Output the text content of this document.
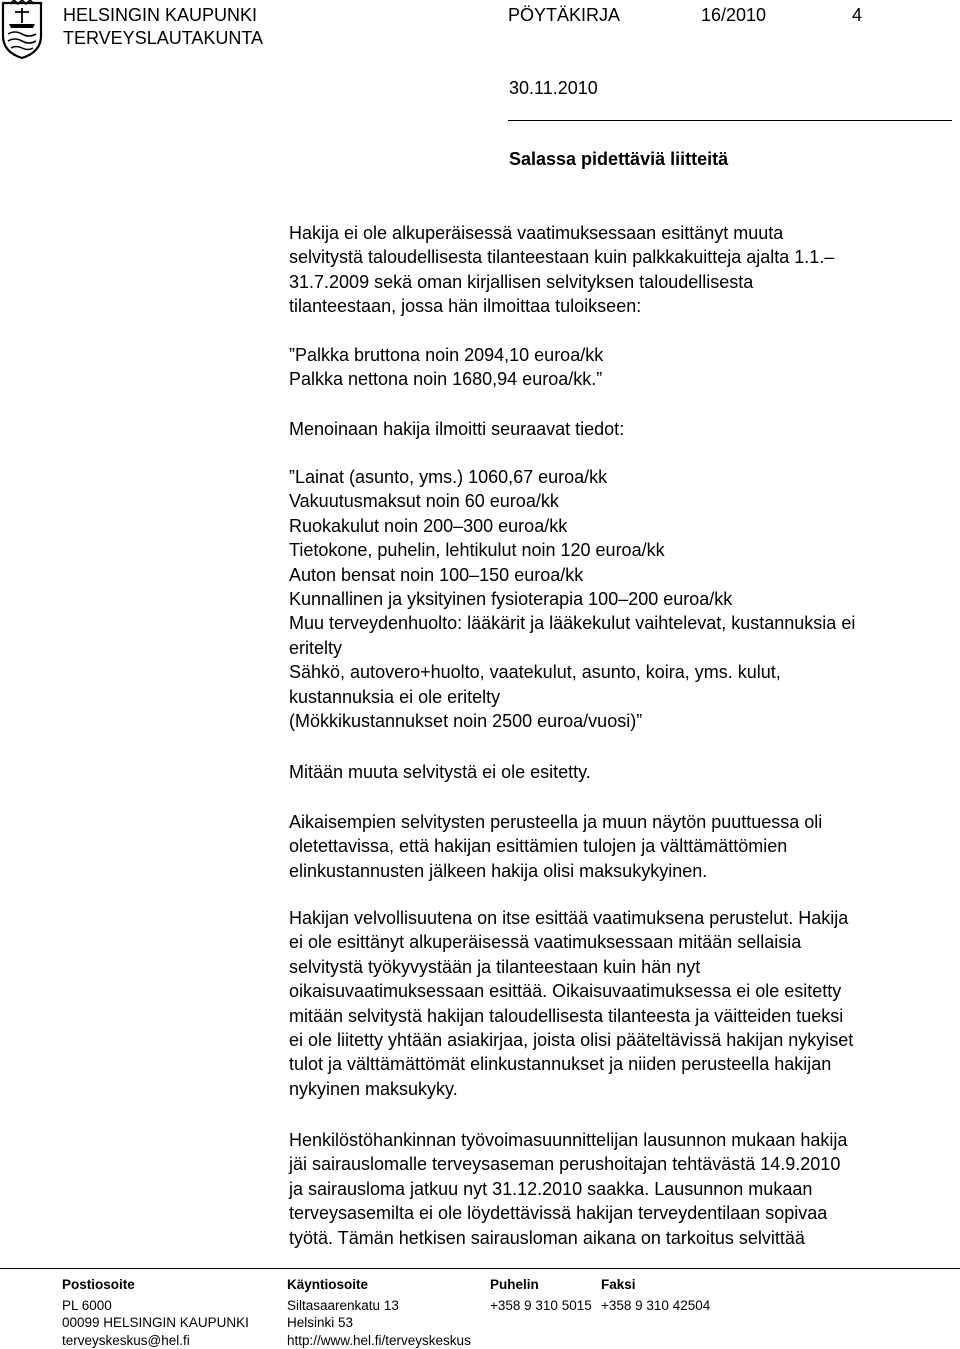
HELSINGIN KAUPUNKI
TERVEYSLAUTAKUNTA
PÖYTÄKIRJA	16/2010	4
30.11.2010
Salassa pidettäviä liitteitä

Hakija ei ole alkuperäisessä vaatimuksessaan esittänyt muuta

selvitystä taloudellisesta tilanteestaan kuin palkkakuitteja ajalta 1.1.–

31.7.2009 sekä oman kirjallisen selvityksen taloudellisesta

tilanteestaan, jossa hän ilmoittaa tuloikseen:

”Palkka bruttona noin 2094,10 euroa/kk

Palkka nettona noin 1680,94 euroa/kk.”

Menoinaan hakija ilmoitti seuraavat tiedot:

”Lainat (asunto, yms.) 1060,67 euroa/kk

Vakuutusmaksut noin 60 euroa/kk

Ruokakulut noin 200–300 euroa/kk

Tietokone, puhelin, lehtikulut noin 120 euroa/kk

Auton bensat noin 100–150 euroa/kk

Kunnallinen ja yksityinen fysioterapia 100–200 euroa/kk

Muu terveydenhuolto: lääkärit ja lääkekulut vaihtelevat, kustannuksia ei

eritelty

Sähkö, autovero+huolto, vaatekulut, asunto, koira, yms. kulut,

kustannuksia ei ole eritelty

(Mökkikustannukset noin 2500 euroa/vuosi)”

Mitään muuta selvitystä ei ole esitetty.

Aikaisempien selvitysten perusteella ja muun näytön puuttuessa oli

oletettavissa, että hakijan esittämien tulojen ja välttämättömien

elinkustannusten jälkeen hakija olisi maksukykyinen.

Hakijan velvollisuutena on itse esittää vaatimuksena perustelut. Hakija

ei ole esittänyt alkuperäisessä vaatimuksessaan mitään sellaisia

selvitystä työkyvystään ja tilanteestaan kuin hän nyt

oikaisuvaatimuksessaan esittää. Oikaisuvaatimuksessa ei ole esitetty

mitään selvitystä hakijan taloudellisesta tilanteesta ja väitteiden tueksi

ei ole liitetty yhtään asiakirjaa, joista olisi pääteltävissä hakijan nykyiset

tulot ja välttämättömät elinkustannukset ja niiden perusteella hakijan

nykyinen maksukyky.

Henkilöstöhankinnan työvoimasuunnittelijan lausunnon mukaan hakija

jäi sairauslomalle terveysaseman perushoitajan tehtävästä 14.9.2010

ja sairausloma jatkuu nyt 31.12.2010 saakka. Lausunnon mukaan

terveysasemilta ei ole löydettävissä hakijan terveydentilaan sopivaa

työtä. Tämän hetkisen sairausloman aikana on tarkoitus selvittää

Postiosoite
PL 6000
00099 HELSINGIN KAUPUNKI
terveyskeskus@hel.fi
Käyntiosoite
Siltasaarenkatu 13
Helsinki 53
http://www.hel.fi/terveyskeskus
Puhelin
+358 9 310 5015
Faksi
+358 9 310 42504
